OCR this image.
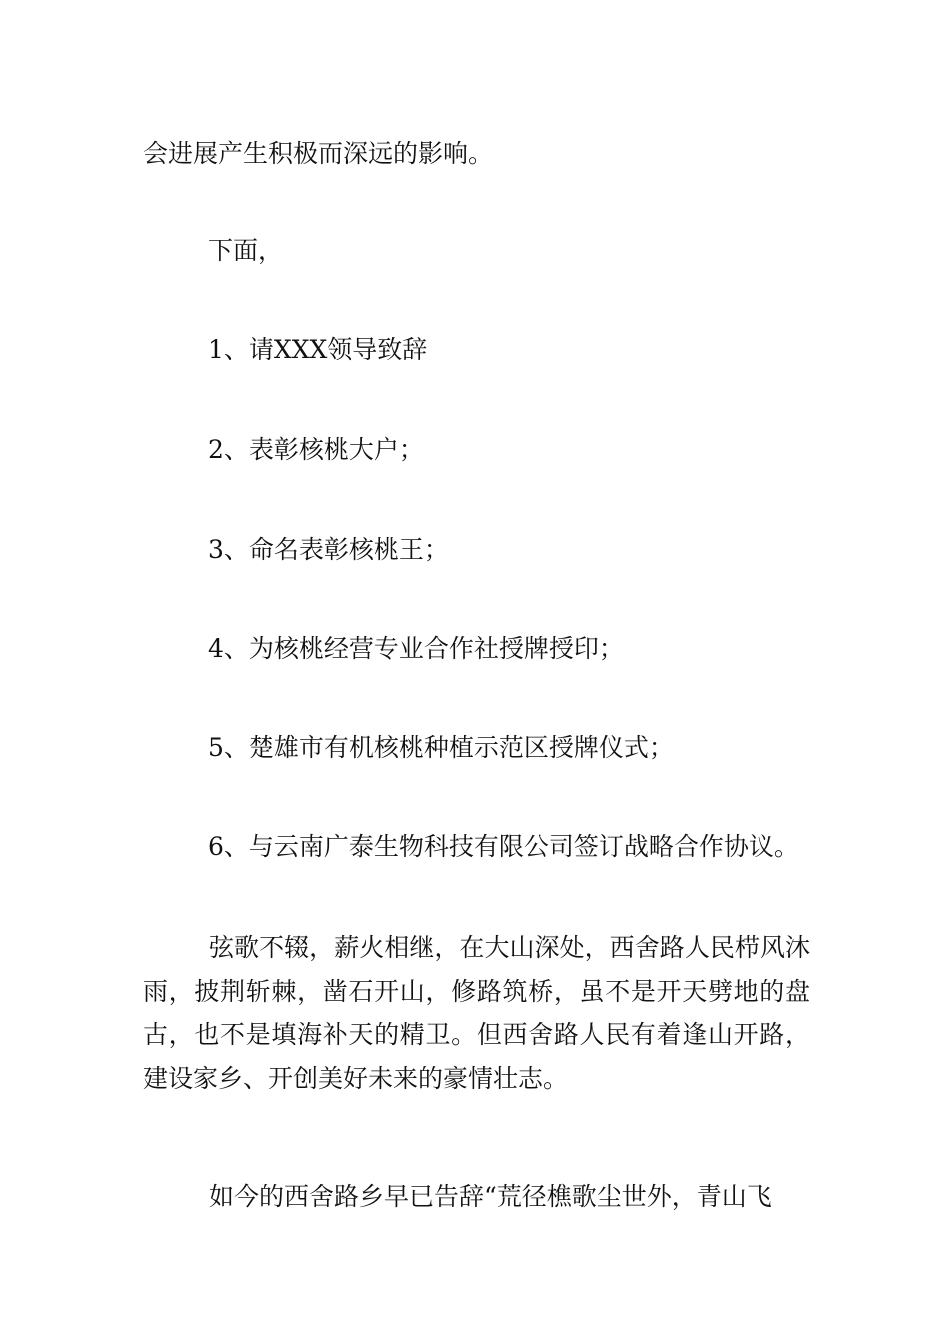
会进展产生积极而深远的影响。
下面，
1、请XXX领导致辞
2、表彰核桃大户；
3、命名表彰核桃王；
4、为核桃经营专业合作社授牌授印；
5、楚雄市有机核桃种植示范区授牌仪式；
6、与云南广泰生物科技有限公司签订战略合作协议。
弦歌不辍，薪火相继，在大山深处，西舍路人民栉风沐雨，披荆斩棘，凿石开山，修路筑桥，虽不是开天劈地的盘古，也不是填海补天的精卫。但西舍路人民有着逢山开路，建设家乡、开创美好未来的豪情壮志。
如今的西舍路乡早已告辞“荒径樵歌尘世外，青山飞
